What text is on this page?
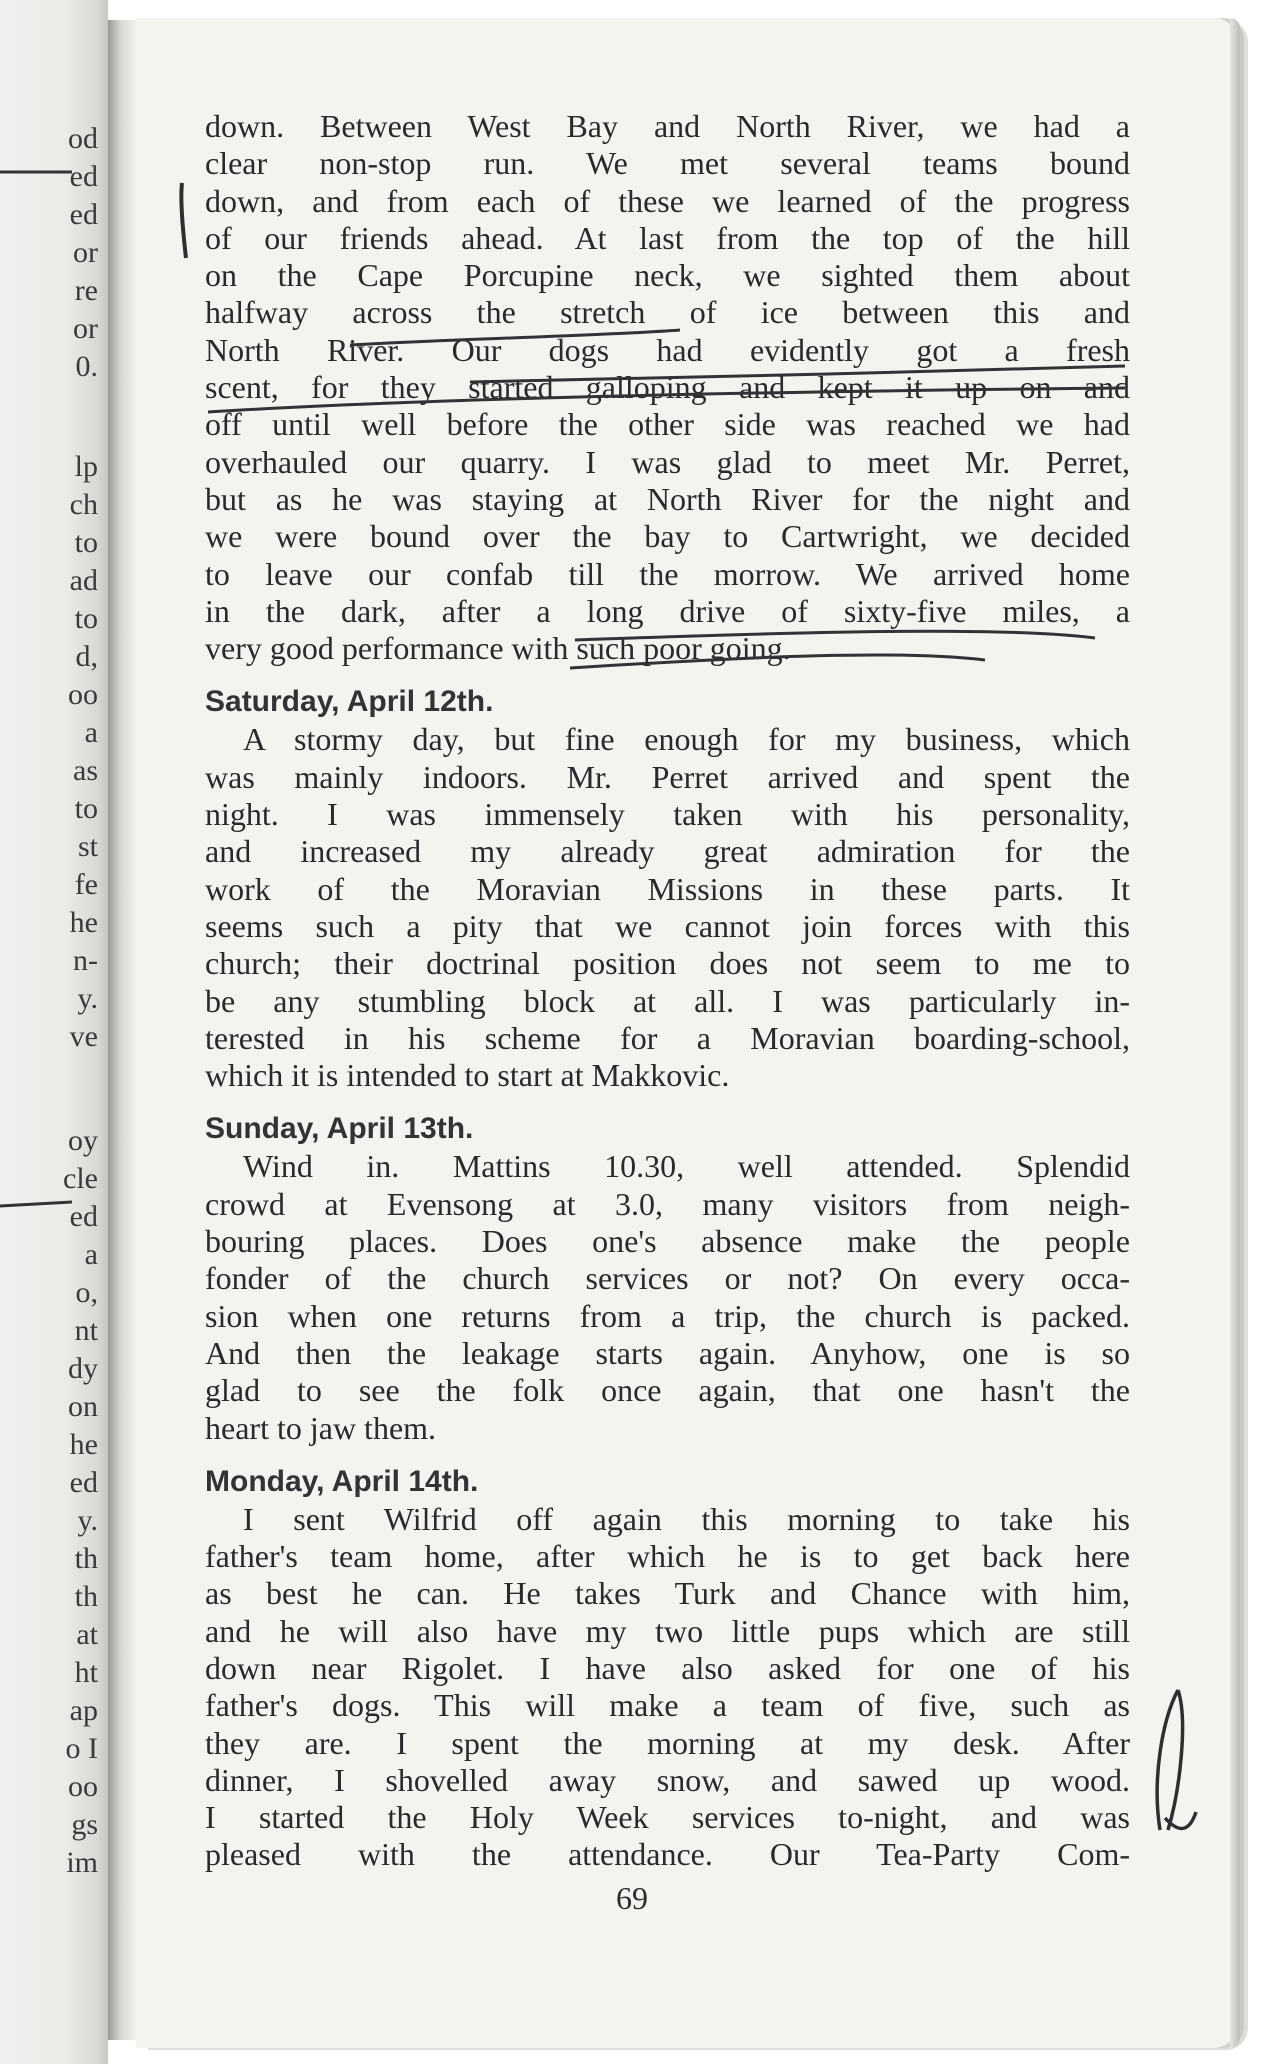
od
ed
ed
or
re
or
0.
lp
ch
to
ad
to
d,
oo
a
as
to
st
fe
he
n-
y.
ve
oy
cle
ed
a
o,
nt
dy
on
he
ed
y.
th
th
at
ht
ap
o I
oo
gs
im
down. Between West Bay and North River, we had a
clear non-stop run. We met several teams bound
down, and from each of these we learned of the progress
of our friends ahead. At last from the top of the hill
on the Cape Porcupine neck, we sighted them about
halfway across the stretch of ice between this and
North River. Our dogs had evidently got a fresh
scent, for they started galloping and kept it up on and
off until well before the other side was reached we had
overhauled our quarry. I was glad to meet Mr. Perret,
but as he was staying at North River for the night and
we were bound over the bay to Cartwright, we decided
to leave our confab till the morrow. We arrived home
in the dark, after a long drive of sixty-five miles, a
very good performance with such poor going.
Saturday, April 12th.
A stormy day, but fine enough for my business, which
was mainly indoors. Mr. Perret arrived and spent the
night. I was immensely taken with his personality,
and increased my already great admiration for the
work of the Moravian Missions in these parts. It
seems such a pity that we cannot join forces with this
church; their doctrinal position does not seem to me to
be any stumbling block at all. I was particularly in-
terested in his scheme for a Moravian boarding-school,
which it is intended to start at Makkovic.
Sunday, April 13th.
Wind in. Mattins 10.30, well attended. Splendid
crowd at Evensong at 3.0, many visitors from neigh-
bouring places. Does one's absence make the people
fonder of the church services or not? On every occa-
sion when one returns from a trip, the church is packed.
And then the leakage starts again. Anyhow, one is so
glad to see the folk once again, that one hasn't the
heart to jaw them.
Monday, April 14th.
I sent Wilfrid off again this morning to take his
father's team home, after which he is to get back here
as best he can. He takes Turk and Chance with him,
and he will also have my two little pups which are still
down near Rigolet. I have also asked for one of his
father's dogs. This will make a team of five, such as
they are. I spent the morning at my desk. After
dinner, I shovelled away snow, and sawed up wood.
I started the Holy Week services to-night, and was
pleased with the attendance. Our Tea-Party Com-
69
